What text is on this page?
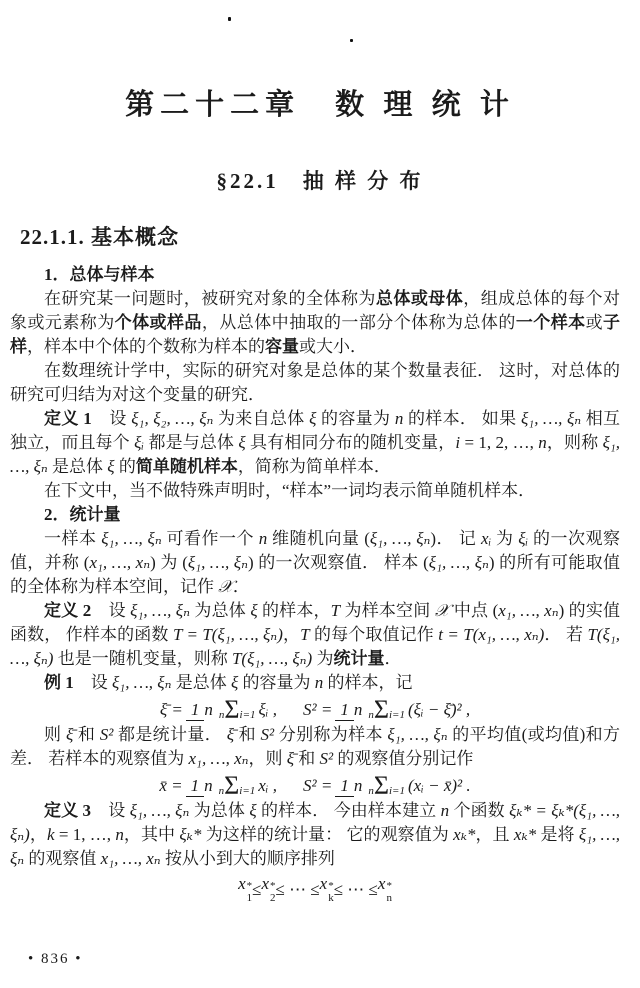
第二十二章　数 理 统 计
§22.1　抽 样 分 布
22.1.1. 基本概念

1．总体与样本

在研究某一问题时，被研究对象的全体称为总体或母体，组成总体的每个对象或元素称为个体或样品，从总体中抽取的一部分个体称为总体的一个样本或子样，样本中个体的个数称为样本的容量或大小．

在数理统计学中，实际的研究对象是总体的某个数量表征． 这时，对总体的研究可归结为对这个变量的研究．

定义 1　设 ξ₁, ξ₂, …, ξₙ 为来自总体 ξ 的容量为 n 的样本． 如果 ξ₁, …, ξₙ 相互独立，而且每个 ξᵢ 都是与总体 ξ 具有相同分布的随机变量，i = 1, 2, …, n，则称 ξ₁, …, ξₙ 是总体 ξ 的简单随机样本，简称为简单样本．

在下文中，当不做特殊声明时，“样本”一词均表示简单随机样本．

2．统计量

一样本 ξ₁, …, ξₙ 可看作一个 n 维随机向量 (ξ₁, …, ξₙ)． 记 xᵢ 为 ξᵢ 的一次观察值，并称 (x₁, …, xₙ) 为 (ξ₁, …, ξₙ) 的一次观察值． 样本 (ξ₁, …, ξₙ) 的所有可能取值的全体称为样本空间，记作 𝒳．

定义 2　设 ξ₁, …, ξₙ 为总体 ξ 的样本，T 为样本空间 𝒳 中点 (x₁, …, xₙ) 的实值函数， 作样本的函数 T = T(ξ₁, …, ξₙ)，T 的每个取值记作 t = T(x₁, …, xₙ)． 若 T(ξ₁, …, ξₙ) 也是一随机变量，则称 T(ξ₁, …, ξₙ) 为统计量．

例 1　设 ξ₁, …, ξₙ 是总体 ξ 的容量为 n 的样本，记

ξ̄ =1 n nΣi=1ξᵢ , S² =1 n nΣi=1(ξᵢ − ξ̄)² ,

则 ξ̄ 和 S² 都是统计量． ξ̄ 和 S² 分别称为样本 ξ₁, …, ξₙ 的平均值(或均值)和方差． 若样本的观察值为 x₁, …, xₙ，则 ξ̄ 和 S² 的观察值分别记作

x̄ =1 n nΣi=1xᵢ , S² =1 n nΣi=1(xᵢ − x̄)² .

定义 3　设 ξ₁, …, ξₙ 为总体 ξ 的样本． 今由样本建立 n 个函数 ξₖ* = ξₖ*(ξ₁, …, ξₙ)，k = 1, …, n，其中 ξₖ* 为这样的统计量： 它的观察值为 xₖ*，且 xₖ* 是将 ξ₁, …, ξₙ 的观察值 x₁, …, xₙ 按从小到大的顺序排列

x *
1 ≤x *
2 ≤ ⋯ ≤x *
k ≤ ⋯ ≤x *
n

• 836 •
